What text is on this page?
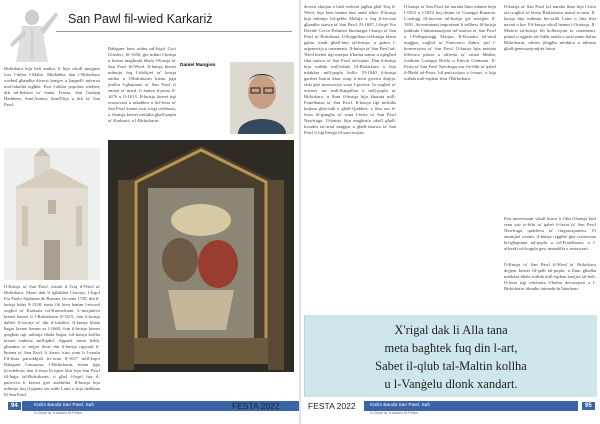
San Pawl fil-wied Karkariż

Birkirkara hija beli antika, li hija wkoll meqjusa fost l-ikbar l-Malta. Minħabba dan l-Birkirkara wieħed għandha diversi knejjes u kappelli mferrxa mal-lokalità tagħha. Post l-akbar popolari wieħed, dik tal-ħelsien ta' Santa Tereża, San Ġużepp Haddiem, Sant'Antnin, Sant'Elija u dik ta' San Pawl.

Il-Knisja ta' San Pawl, tinsab fi Triq il-Wied ta' Birkirkara. Skont dak li tgħidilna l-istorja, l-Isqof Fra Paolo Alpheran de Bussan, fis-sena 1728, din il-knisja bdiet 8-1338, meta fih kien hemm l-ewwel xogħol ta' Karkariż tal-Karmelitani. L-inizjattiva kienet hasset li l-Birkirkarin fl-1615, dan il-knisja daħlet fl-istorja ta' din il-lokalità. Il-knisja bhala ħaġar kienet hemm sa l-1660, fejn il-knisja kienet qiegħda tiġi mibnija bhala ħaġar, bil-knisja kollha kienet tinbena mill-ġdid. Apparti minn hekk, għandna xi stejjer dwar din il-knisja rigward il-ħniena ta' San Pawl, li kienu jsiru waqt li l-poplu

Fil-festa parrokkjali fis-sena fl-1657 mill-Isqof Balaguer Camarasa, l-Birkirkarin, kienu jiġu jiċċelebraw dan il-festa b'rispett kbir lejn San Pawl fil-ħajja tal-Birkirkarin, u għal l-Isqof fuq il-parroċċa li kienet ġiet stabbilita. Il-knisja hija mibnija fuq il-pjanta tas-salib Latin u hija dedikata lil San Pawl.

Balaguer kien ordna sal-Isqof Gori Ghisleri, fil-1656, ġie mibni l-knisja u kienet magħrufa bħala l-Knisja ta' San Pawl fil-Wied. Il-knisja kienet mibnija fuq l-fdalijiet ta' knisja antika u l-Birkirkarin kienu jiġu jitolbu l-għajnuna ta' San Pawl fi żmien ta' mard, fi żmien il-pesta fl-1676 u fl-1813. Il-knisja kienet tiġi restawrata u mkabbra u bil-festa ta' San Pawl kienet issir u tiġi celebrata, u l-knisja kienet miftuħa għall-poplu ta' Karkariż, u l-Birkirkarin.

Daniel Mangion

94	Każin Banda San Pawl, Safi	FESTA 2022
Il-Ġmiel ta' Karkariż fil-Festa

diversi skinjan u bieb ewlieni jagħtu għal Triq il-Wied, fejn kien hemm bini antik ieħor. Il-knisja hija mibnija bil-ġebla Maltija u fuq il-faċċata għandha statwa ta' San Pawl. Fl-1687, l-Isqof Fra Davide Cocco-Palmieri kkonsagra l-knisja ta' San Pawl ta' Birkirkara. Il-Kappillani tal-knisja kienu ġabru fondi għall-bini tal-knisja, u ġabru l-arġenterija u ornamenti. Il-knisja ta' San Pawl tal-Wied kienet tiġi mżejna b'ħafna armar u tqiegħed fiha statwa ta' San Pawl tal-injam. Dan il-knisja hija waħda mill-isbaħ fil-Birkirkara u hija mfakkra mill-poplu kollu. Fl-1940 il-knisja ġarrbet ħsarat kbar waqt it-tieni gwerra dinjija, iżda ġiet imsewwija wara l-gwerra. Ix-xogħol ta' restawr sar mill-Kappillan u mill-poplu ta' Birkirkara, u llum il-knisja hija kkurata mill-Fratellanza ta' San Pawl. Il-knisja tiġi miftuħa kuljum għat-talb u għall-Quddies, u fiha ssir il-festa fil-ġimgħa ta' wara l-festa ta' San Pawl Nawfragu. Il-knisja hija magħrufa ukoll għall-kwadru tal-artal maġġur u għall-istatwa ta' San Pawl li tiġi ħierġa fil-purċissjoni.

Il-knisja ta' San Pawl kif naraha llum inbniet bejn l-1852 u l-1854 fuq disinn ta' Ġużeppi Bonavia. L-arloġġ fil-faċċata tal-knisja ġie mżejjen fl-1891. Avvenimenti importanti li seħħew fil-knisja jinkludu l-inkurunazzjoni tal-istatwa ta' San Pawl u l-Pellegrinaġġ Marjan. Il-Kwadru tal-artal maġġur, xogħol ta' Francesco Zahra, juri l-konverżjoni ta' San Pawl. Il-knisja hija mżejna b'diversi pitturi u affreski ta' artisti Maltin, fosthom Ġużeppi Briffa u Emvin Cremona. Il-Festa ta' San Pawl Nawfragu ssir fis-Sibt ta' qabel il-Ħadd tal-Festa, bil-purċissjoni u l-marċ, u hija waħda mill-eqdem festi f'Birkirkara.

Il-knisja ta' San Pawl kif naraha llum hija l-frott tax-xogħol ta' bosta Birkirkarin matul is-snin. Il-knisja hija mibnija bis-salib Latin u fiha tliet navati u kor. Fil-knisja wkoll hemm l-Oratorju. Il-Mużew tal-knisja fih kollezzjoni ta' ornamenti, pitturi u oġġetti tal-fidda antiki u arrsi minn ħafna Birkirkarin, sabiex jibqgħu mfakkra u mħarsa għall-ġenerazzjonijiet futuri.

Fatt interessanti wkoll huwa li f'din il-knisja kull sena ssir is-Sibt ta' qabel il-festa ta' San Pawl Nawfragu quddiesa ta' ringrazzjament. Fi żminijiet riċenti, il-knisja reġgħet ġiet restawrata bil-għajnuna tal-poplu u tal-Fratellanza, u l-affreski tal-koppla ġew imnaddfa u restawrati.

Il-Knisja ta' San Pawl il-Wied ta' Birkirkara dejjem kienet fil-qalb tal-poplu, u llum għadha mfakkra bħala waħda mill-eqdem knejjes tal-belt. Il-festa tiġi celebrata b'ħafna devozzjoni u l-Birkirkarin jibqgħu jattendu bi ħġarhom.

X'rigal dak li Alla tana
meta bagħtek fuq din l-art,
Sabet il-qlub tal-Maltin kollha
u l-Vanġelu dlonk xandart.
FESTA 2022	Każin Banda San Pawl, Safi	95
Il-Ġmiel ta' Karkariż fil-Festa
